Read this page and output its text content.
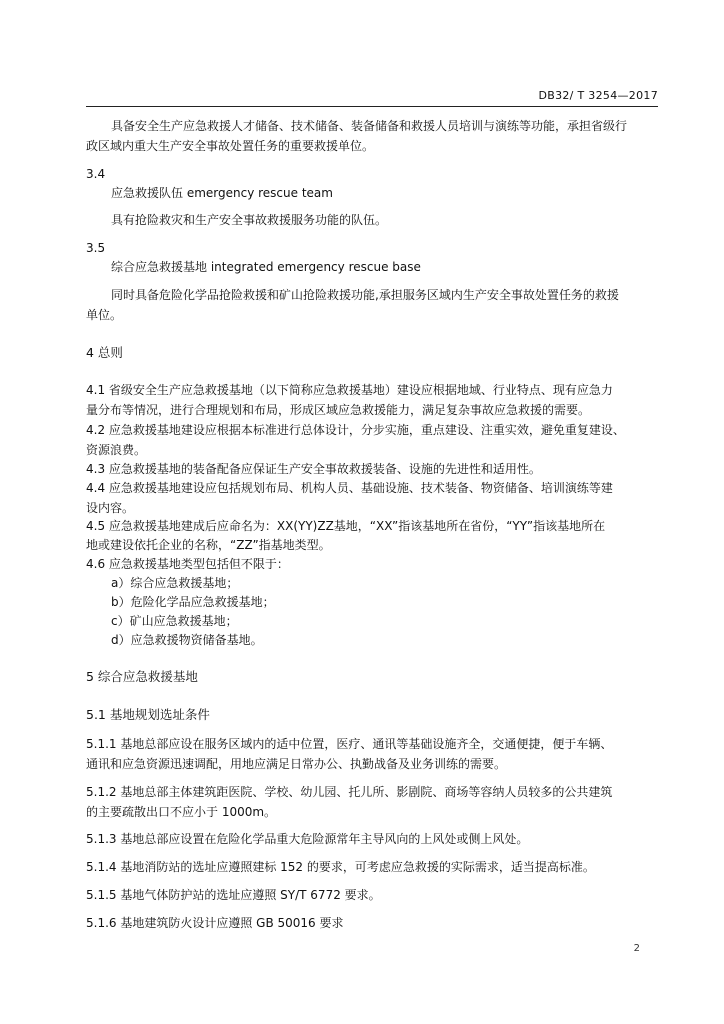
DB32/ T 3254—2017

具备安全生产应急救援人才储备、技术储备、装备储备和救援人员培训与演练等功能，承担省级行

政区域内重大生产安全事故处置任务的重要救援单位。

3.4

应急救援队伍 emergency rescue team

具有抢险救灾和生产安全事故救援服务功能的队伍。

3.5

综合应急救援基地 integrated emergency rescue base

同时具备危险化学品抢险救援和矿山抢险救援功能,承担服务区域内生产安全事故处置任务的救援

单位。

4 总则

4.1 省级安全生产应急救援基地（以下简称应急救援基地）建设应根据地域、行业特点、现有应急力

量分布等情况，进行合理规划和布局，形成区域应急救援能力，满足复杂事故应急救援的需要。

4.2 应急救援基地建设应根据本标准进行总体设计，分步实施，重点建设、注重实效，避免重复建设、

资源浪费。

4.3 应急救援基地的装备配备应保证生产安全事故救援装备、设施的先进性和适用性。

4.4 应急救援基地建设应包括规划布局、机构人员、基础设施、技术装备、物资储备、培训演练等建

设内容。

4.5 应急救援基地建成后应命名为：XX(YY)ZZ基地，“XX”指该基地所在省份，“YY”指该基地所在

地或建设依托企业的名称，“ZZ”指基地类型。

4.6 应急救援基地类型包括但不限于：

a）综合应急救援基地；

b）危险化学品应急救援基地；

c）矿山应急救援基地；

d）应急救援物资储备基地。

5 综合应急救援基地

5.1 基地规划选址条件

5.1.1 基地总部应设在服务区域内的适中位置，医疗、通讯等基础设施齐全，交通便捷，便于车辆、

通讯和应急资源迅速调配，用地应满足日常办公、执勤战备及业务训练的需要。

5.1.2 基地总部主体建筑距医院、学校、幼儿园、托儿所、影剧院、商场等容纳人员较多的公共建筑

的主要疏散出口不应小于 1000m。

5.1.3 基地总部应设置在危险化学品重大危险源常年主导风向的上风处或侧上风处。

5.1.4 基地消防站的选址应遵照建标 152 的要求，可考虑应急救援的实际需求，适当提高标准。

5.1.5 基地气体防护站的选址应遵照 SY/T 6772 要求。

5.1.6 基地建筑防火设计应遵照 GB 50016 要求

2
